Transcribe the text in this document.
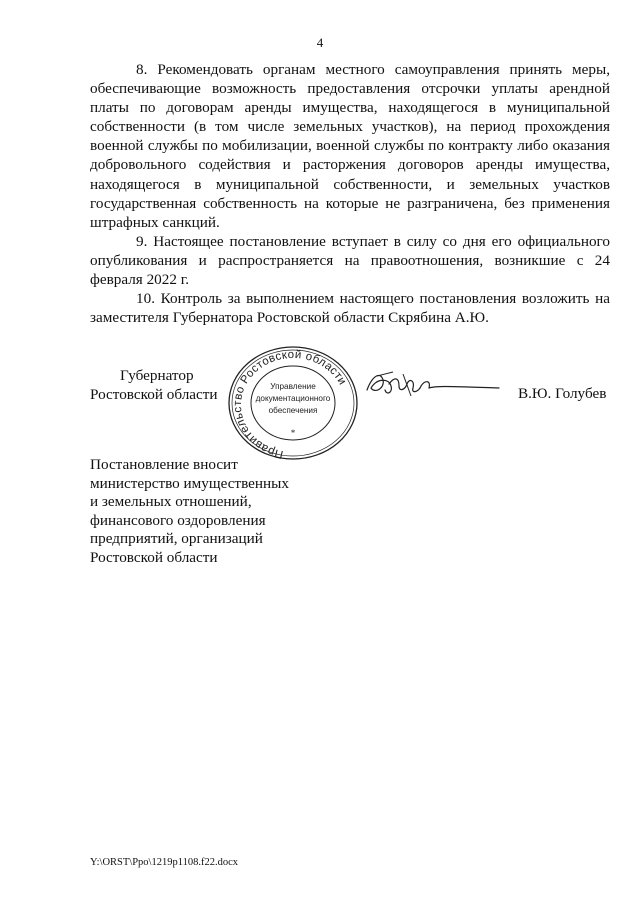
4

8. Рекомендовать органам местного самоуправления принять меры, обеспечивающие возможность предоставления отсрочки уплаты арендной платы по договорам аренды имущества, находящегося в муниципальной собственности (в том числе земельных участков), на период прохождения военной службы по мобилизации, военной службы по контракту либо оказания добровольного содействия и расторжения договоров аренды имущества, находящегося в муниципальной собственности, и земельных участков государственная собственность на которые не разграничена, без применения штрафных санкций.

9. Настоящее постановление вступает в силу со дня его официального опубликования и распространяется на правоотношения, возникшие с 24 февраля 2022 г.

10. Контроль за выполнением настоящего постановления возложить на заместителя Губернатора Ростовской области Скрябина А.Ю.

Губернатор
Ростовской области
Правительство Ростовской области
Управление
документационного
обеспечения
*
В.Ю. Голубев
Постановление вносит
министерство имущественных
и земельных отношений,
финансового оздоровления
предприятий, организаций
Ростовской области
Y:\ORST\Ppo\1219p1108.f22.docx
